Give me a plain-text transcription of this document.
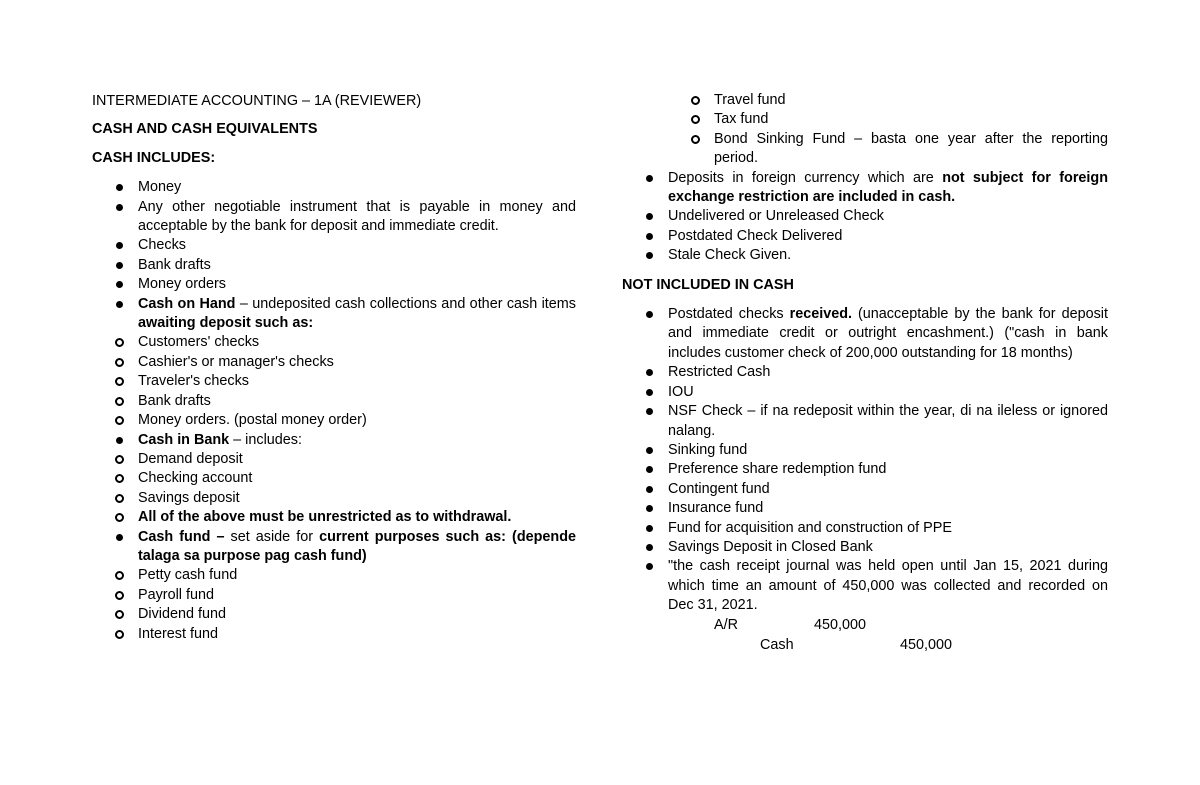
INTERMEDIATE ACCOUNTING – 1A (REVIEWER)
CASH AND CASH EQUIVALENTS
CASH INCLUDES:
Money
Any other negotiable instrument that is payable in money and acceptable by the bank for deposit and immediate credit.
Checks
Bank drafts
Money orders
Cash on Hand – undeposited cash collections and other cash items awaiting deposit such as:
Customers' checks
Cashier's or manager's checks
Traveler's checks
Bank drafts
Money orders. (postal money order)
Cash in Bank – includes:
Demand deposit
Checking account
Savings deposit
All of the above must be unrestricted as to withdrawal.
Cash fund – set aside for current purposes such as: (depende talaga sa purpose pag cash fund)
Petty cash fund
Payroll fund
Dividend fund
Interest fund
Travel fund
Tax fund
Bond Sinking Fund – basta one year after the reporting period.
Deposits in foreign currency which are not subject for foreign exchange restriction are included in cash.
Undelivered or Unreleased Check
Postdated Check Delivered
Stale Check Given.
NOT INCLUDED IN CASH
Postdated checks received. (unacceptable by the bank for deposit and immediate credit or outright encashment.) ("cash in bank includes customer check of 200,000 outstanding for 18 months)
Restricted Cash
IOU
NSF Check – if na redeposit within the year, di na ileless or ignored nalang.
Sinking fund
Preference share redemption fund
Contingent fund
Insurance fund
Fund for acquisition and construction of PPE
Savings Deposit in Closed Bank
"the cash receipt journal was held open until Jan 15, 2021 during which time an amount of 450,000 was collected and recorded on Dec 31, 2021.
A/R	450,000
Cash	450,000
